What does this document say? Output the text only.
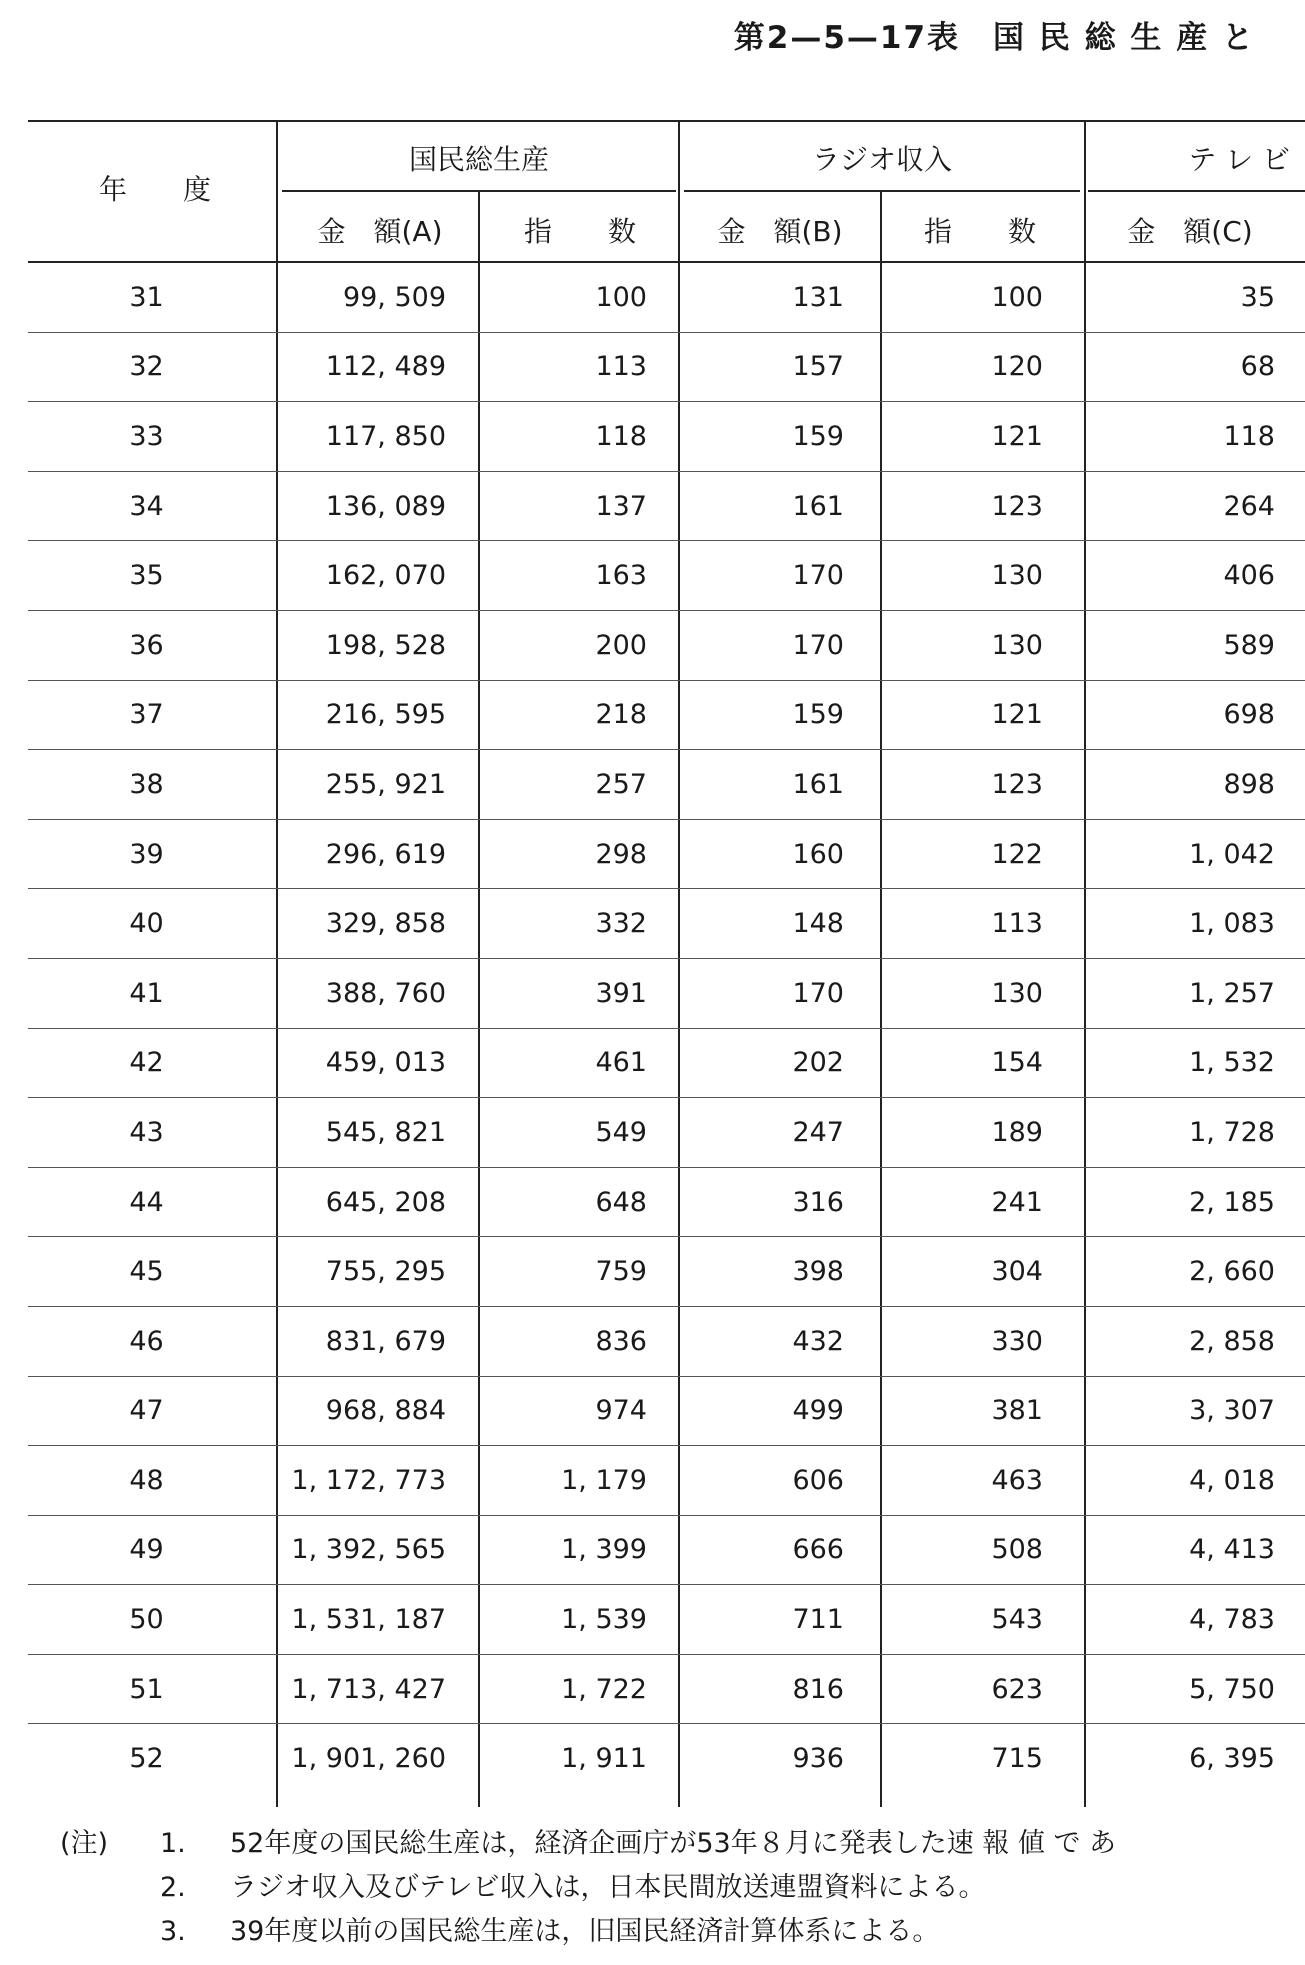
第2—5—17表　国 民 総 生 産 と
年　　度
国民総生産	ラジオ収入	テ レ ビ
金　額(A)	指　　数	金　額(B)	指　　数	金　額(C)
31	99, 509	100	131	100	35
32	112, 489	113	157	120	68
33	117, 850	118	159	121	118
34	136, 089	137	161	123	264
35	162, 070	163	170	130	406
36	198, 528	200	170	130	589
37	216, 595	218	159	121	698
38	255, 921	257	161	123	898
39	296, 619	298	160	122	1, 042
40	329, 858	332	148	113	1, 083
41	388, 760	391	170	130	1, 257
42	459, 013	461	202	154	1, 532
43	545, 821	549	247	189	1, 728
44	645, 208	648	316	241	2, 185
45	755, 295	759	398	304	2, 660
46	831, 679	836	432	330	2, 858
47	968, 884	974	499	381	3, 307
48	1, 172, 773	1, 179	606	463	4, 018
49	1, 392, 565	1, 399	666	508	4, 413
50	1, 531, 187	1, 539	711	543	4, 783
51	1, 713, 427	1, 722	816	623	5, 750
52	1, 901, 260	1, 911	936	715	6, 395
(注)	1.	52年度の国民総生産は，経済企画庁が53年８月に発表した速 報 値 で あ
2.	ラジオ収入及びテレビ収入は，日本民間放送連盟資料による。
3.	39年度以前の国民総生産は，旧国民経済計算体系による。
